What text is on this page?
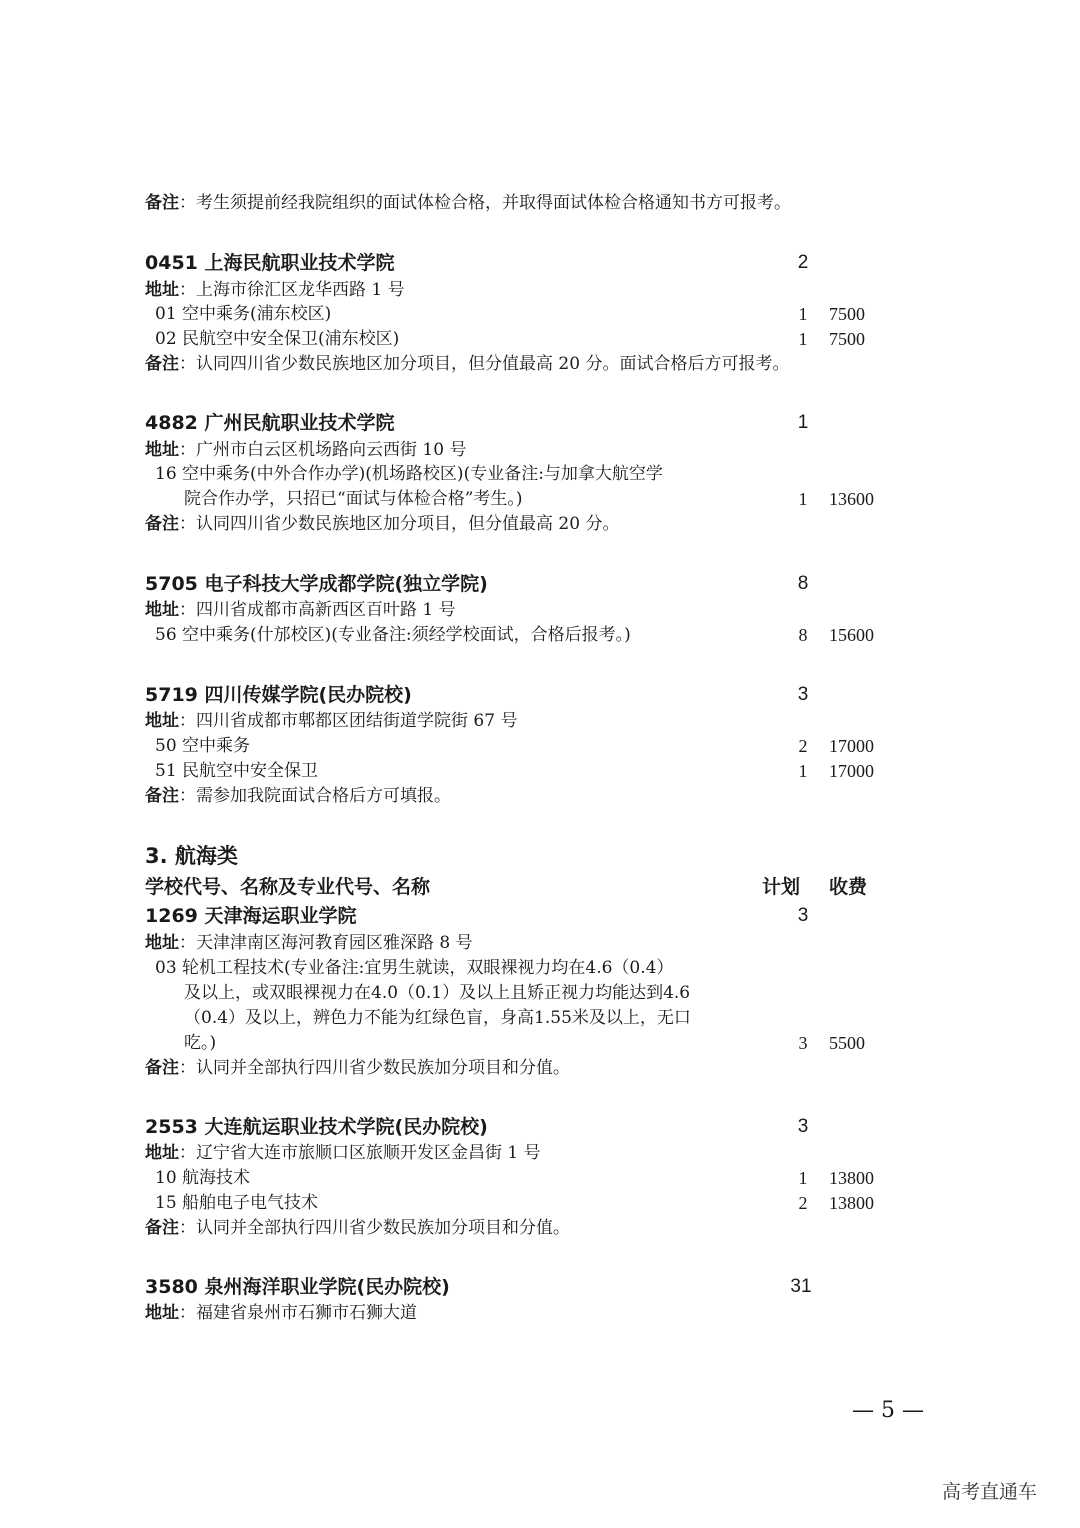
备注：考生须提前经我院组织的面试体检合格，并取得面试体检合格通知书方可报考。
0451 上海民航职业技术学院	2
地址：上海市徐汇区龙华西路 1 号
01 空中乘务(浦东校区)	1 7500
02 民航空中安全保卫(浦东校区)	1 7500
备注：认同四川省少数民族地区加分项目，但分值最高 20 分。面试合格后方可报考。
4882 广州民航职业技术学院	1
地址：广州市白云区机场路向云西街 10 号
16 空中乘务(中外合作办学)(机场路校区)(专业备注:与加拿大航空学
院合作办学，只招已“面试与体检合格”考生。)	1 13600
备注：认同四川省少数民族地区加分项目，但分值最高 20 分。
5705 电子科技大学成都学院(独立学院)	8
地址：四川省成都市高新西区百叶路 1 号
56 空中乘务(什邡校区)(专业备注:须经学校面试，合格后报考。)	8 15600
5719 四川传媒学院(民办院校)	3
地址：四川省成都市郫都区团结街道学院街 67 号
50 空中乘务	2 17000
51 民航空中安全保卫	1 17000
备注：需参加我院面试合格后方可填报。
3. 航海类
学校代号、名称及专业代号、名称	计划 收费
1269 天津海运职业学院	3
地址：天津津南区海河教育园区雅深路 8 号
03 轮机工程技术(专业备注:宜男生就读，双眼裸视力均在4.6（0.4）
及以上，或双眼裸视力在4.0（0.1）及以上且矫正视力均能达到4.6
（0.4）及以上，辨色力不能为红绿色盲，身高1.55米及以上，无口
吃。)	3 5500
备注：认同并全部执行四川省少数民族加分项目和分值。
2553 大连航运职业技术学院(民办院校)	3
地址：辽宁省大连市旅顺口区旅顺开发区金昌街 1 号
10 航海技术	1 13800
15 船舶电子电气技术	2 13800
备注：认同并全部执行四川省少数民族加分项目和分值。
3580 泉州海洋职业学院(民办院校)	31
地址：福建省泉州市石狮市石狮大道
— 5 —
高考直通车
